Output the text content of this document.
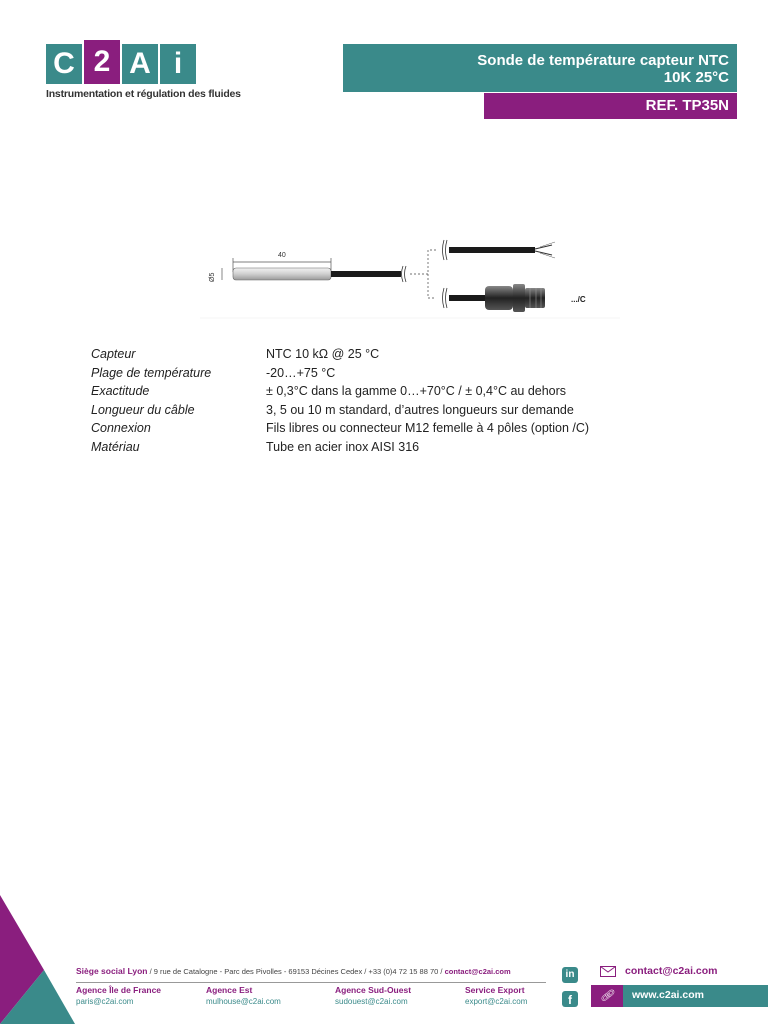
C 2 A i
Instrumentation et régulation des fluides
Sonde de température capteur NTC
10K 25°C
REF. TP35N
40
Ø5
.../C
Capteur	NTC 10 kΩ @ 25 °C
Plage de température	-20…+75 °C
Exactitude	± 0,3°C dans la gamme 0…+70°C / ± 0,4°C au dehors
Longueur du câble	3, 5 ou 10 m standard, d’autres longueurs sur demande
Connexion	Fils libres ou connecteur M12 femelle à 4 pôles (option /C)
Matériau	Tube en acier inox AISI 316
Siège social Lyon / 9 rue de Catalogne - Parc des Pivolles - 69153 Décines Cedex / +33 (0)4 72 15 88 70 / contact@c2ai.com
Agence Île de France
paris@c2ai.com
Agence Est
mulhouse@c2ai.com
Agence Sud-Ouest
sudouest@c2ai.com
Service Export
export@c2ai.com
in
f
contact@c2ai.com
🔗︎	www.c2ai.com
